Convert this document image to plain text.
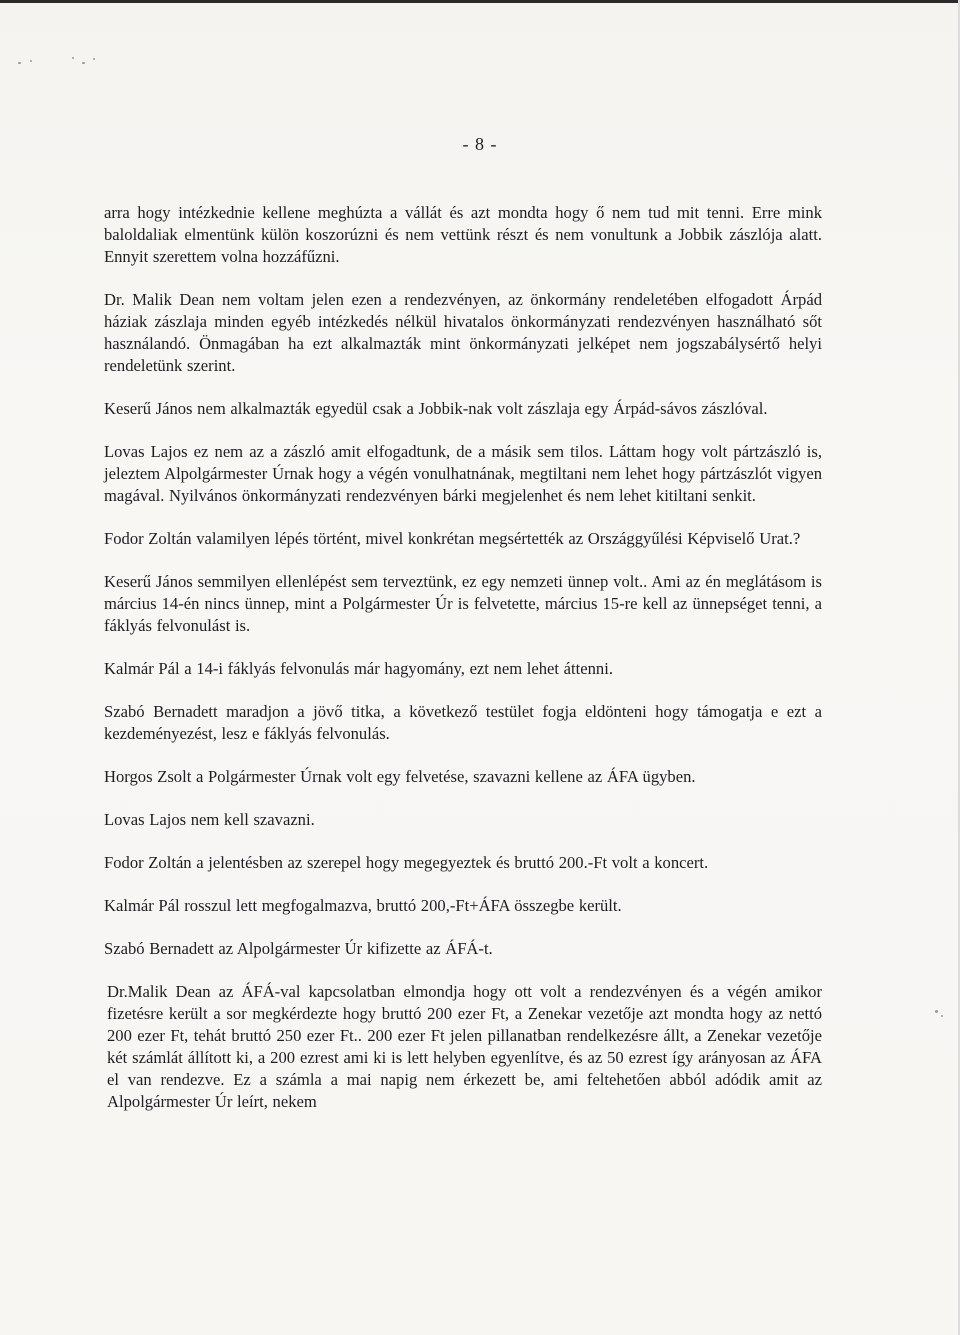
- 8 -

arra hogy intézkednie kellene meghúzta a vállát és azt mondta hogy ő nem tud mit tenni. Erre mink baloldaliak elmentünk külön koszorúzni és nem vettünk részt és nem vonultunk a Jobbik zászlója alatt. Ennyit szerettem volna hozzáfűzni.

Dr. Malik Dean nem voltam jelen ezen a rendezvényen, az önkormány rendeletében elfogadott Árpád háziak zászlaja minden egyéb intézkedés nélkül hivatalos önkormányzati rendezvényen használható sőt használandó. Önmagában ha ezt alkalmazták mint önkormányzati jelképet nem jogszabálysértő helyi rendeletünk szerint.

Keserű János nem alkalmazták egyedül csak a Jobbik-nak volt zászlaja egy Árpád-sávos zászlóval.

Lovas Lajos ez nem az a zászló amit elfogadtunk, de a másik sem tilos. Láttam hogy volt pártzászló is, jeleztem Alpolgármester Úrnak hogy a végén vonulhatnának, megtiltani nem lehet hogy pártzászlót vigyen magával. Nyilvános önkormányzati rendezvényen bárki megjelenhet és nem lehet kitiltani senkit.

Fodor Zoltán valamilyen lépés történt, mivel konkrétan megsértették az Országgyűlési Képviselő Urat.?

Keserű János semmilyen ellenlépést sem terveztünk, ez egy nemzeti ünnep volt.. Ami az én meglátásom is március 14-én nincs ünnep, mint a Polgármester Úr is felvetette, március 15-re kell az ünnepséget tenni, a fáklyás felvonulást is.

Kalmár Pál a 14-i fáklyás felvonulás már hagyomány, ezt nem lehet áttenni.

Szabó Bernadett maradjon a jövő titka, a következő testület fogja eldönteni hogy támogatja e ezt a kezdeményezést, lesz e fáklyás felvonulás.

Horgos Zsolt a Polgármester Úrnak volt egy felvetése, szavazni kellene az ÁFA ügyben.

Lovas Lajos nem kell szavazni.

Fodor Zoltán a jelentésben az szerepel hogy megegyeztek és bruttó 200.-Ft volt a koncert.

Kalmár Pál rosszul lett megfogalmazva, bruttó 200,-Ft+ÁFA összegbe került.

Szabó Bernadett az Alpolgármester Úr kifizette az ÁFÁ-t.

Dr.Malik Dean az ÁFÁ-val kapcsolatban elmondja hogy ott volt a rendezvényen és a végén amikor fizetésre került a sor megkérdezte hogy bruttó 200 ezer Ft, a Zenekar vezetője azt mondta hogy az nettó 200 ezer Ft, tehát bruttó 250 ezer Ft.. 200 ezer Ft jelen pillanatban rendelkezésre állt, a Zenekar vezetője két számlát állított ki, a 200 ezrest ami ki is lett helyben egyenlítve, és az 50 ezrest így arányosan az ÁFA el van rendezve. Ez a számla a mai napig nem érkezett be, ami feltehetően abból adódik amit az Alpolgármester Úr leírt, nekem
